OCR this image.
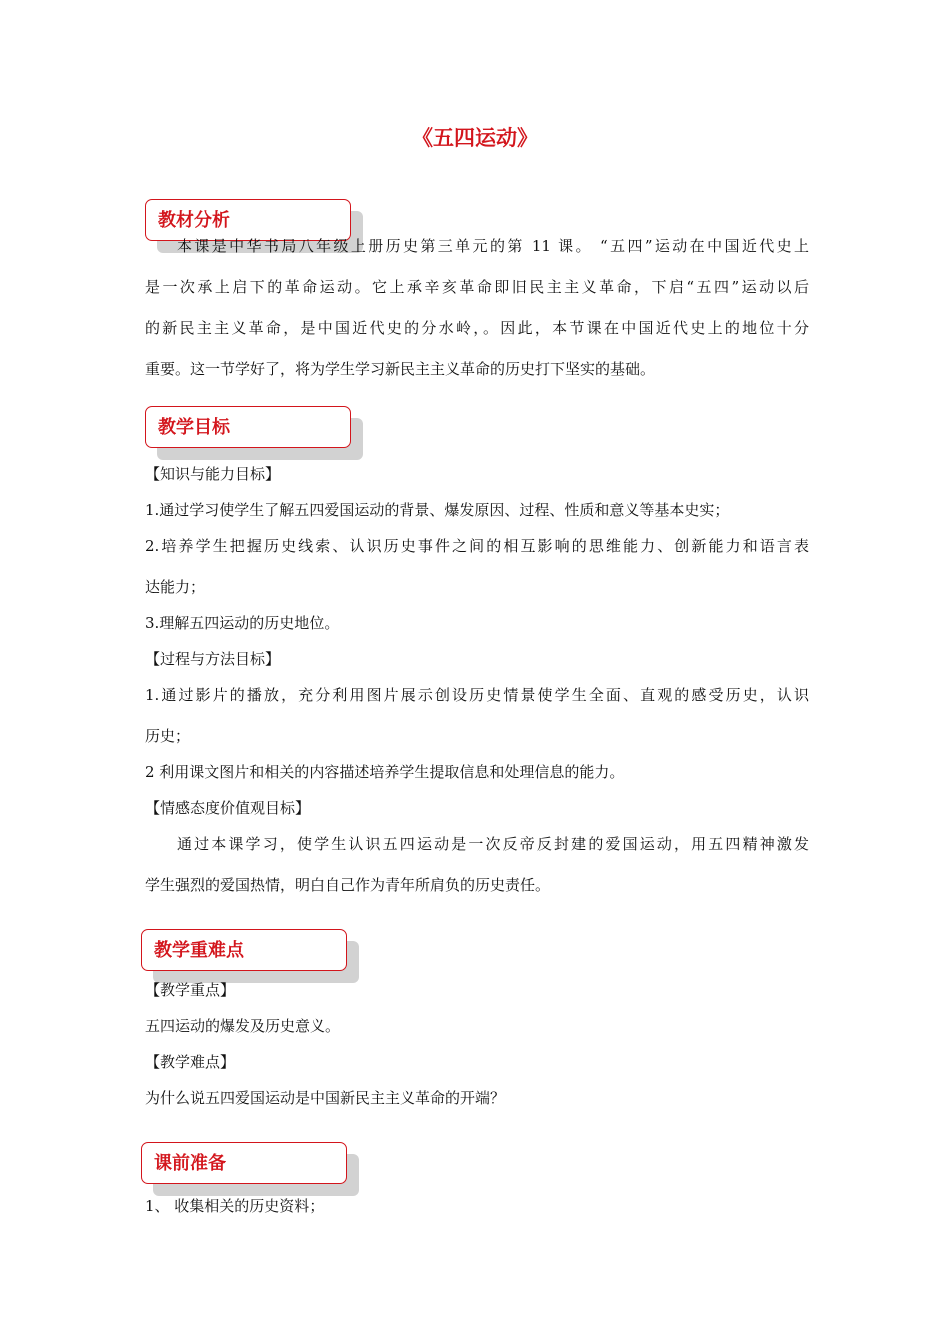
《五四运动》
教材分析
本课是中华书局八年级上册历史第三单元的第 11 课。 “五四”运动在中国近代史上
是一次承上启下的革命运动。它上承辛亥革命即旧民主主义革命，下启“五四”运动以后
的新民主主义革命，是中国近代史的分水岭，。因此，本节课在中国近代史上的地位十分
重要。这一节学好了，将为学生学习新民主主义革命的历史打下坚实的基础。
教学目标
【知识与能力目标】
1.通过学习使学生了解五四爱国运动的背景、爆发原因、过程、性质和意义等基本史实；
2.培养学生把握历史线索、认识历史事件之间的相互影响的思维能力、创新能力和语言表
达能力；
3.理解五四运动的历史地位。
【过程与方法目标】
1.通过影片的播放，充分利用图片展示创设历史情景使学生全面、直观的感受历史，认识
历史；
2 利用课文图片和相关的内容描述培养学生提取信息和处理信息的能力。
【情感态度价值观目标】
通过本课学习，使学生认识五四运动是一次反帝反封建的爱国运动，用五四精神激发
学生强烈的爱国热情，明白自己作为青年所肩负的历史责任。
教学重难点
【教学重点】
五四运动的爆发及历史意义。
【教学难点】
为什么说五四爱国运动是中国新民主主义革命的开端？
课前准备
1、 收集相关的历史资料；
